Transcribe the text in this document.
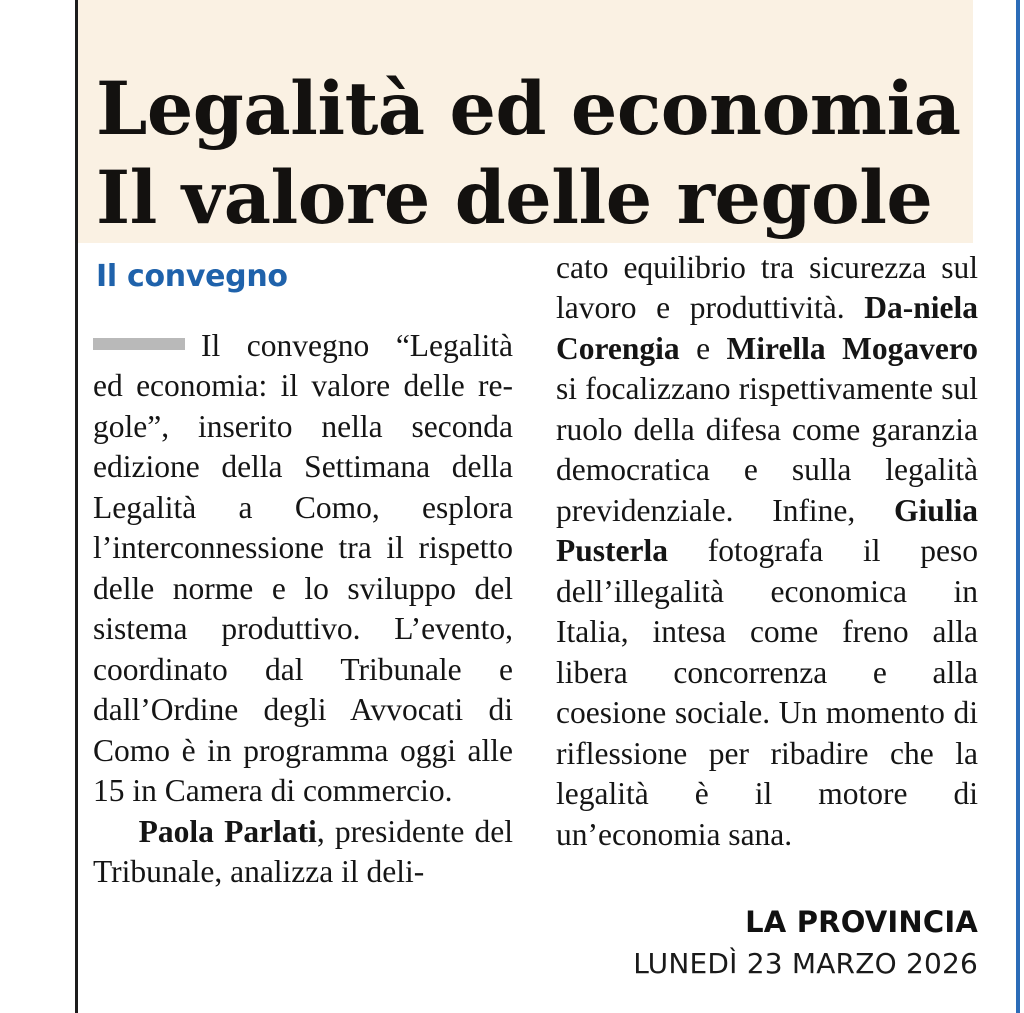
Legalità ed economia
Il valore delle regole
Il convegno

Il convegno “Legalità ed economia: il valore delle re-gole”, inserito nella seconda edizione della Settimana della Legalità a Como, esplora l’interconnessione tra il rispetto delle norme e lo sviluppo del sistema produttivo. L’evento, coordinato dal Tribunale e dall’Ordine degli Avvocati di Como è in programma oggi alle 15 in Camera di commercio.

Paola Parlati, presidente del Tribunale, analizza il deli-

cato equilibrio tra sicurezza sul lavoro e produttività. Da-niela Corengia e Mirella Mogavero si focalizzano rispettivamente sul ruolo della difesa come garanzia democratica e sulla legalità previdenziale. Infine, Giulia Pusterla fotografa il peso dell’illegalità economica in Italia, intesa come freno alla libera concorrenza e alla coesione sociale. Un momento di riflessione per ribadire che la legalità è il motore di un’economia sana.

LA PROVINCIA
LUNEDÌ 23 MARZO 2026
